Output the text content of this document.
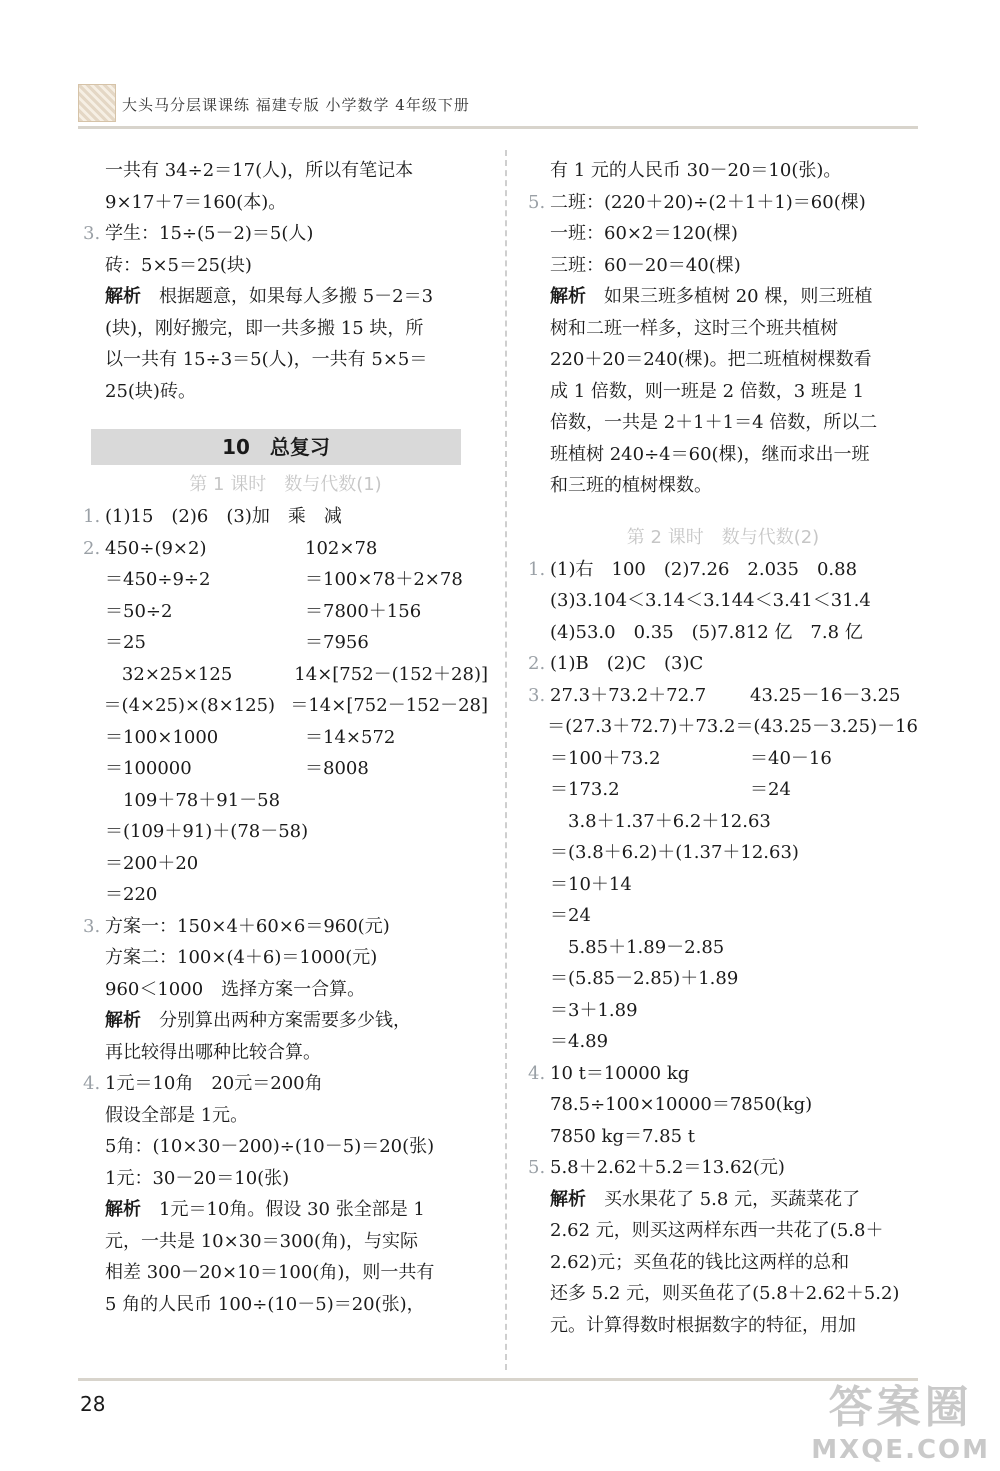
大头马分层课课练 福建专版 小学数学 4年级下册
一共有 34÷2＝17(人)，所以有笔记本
9×17＋7＝160(本)。
3. 学生：15÷(5－2)＝5(人)
砖：5×5＝25(块)
解析　 根据题意，如果每人多搬 5－2＝3
(块)，刚好搬完，即一共多搬 15 块，所
以一共有 15÷3＝5(人)，一共有 5×5＝
25(块)砖。
10　总复习
第 1 课时　数与代数(1)
1. (1)15　(2)6　(3)加　乘　减
2. 450÷(9×2)	102×78
＝450÷9÷2	＝100×78＋2×78
＝50÷2	＝7800＋156
＝25	＝7956
　32×25×125	14×[752－(152＋28)]
＝(4×25)×(8×125) ＝14×[752－152－28]
＝100×1000	＝14×572
＝100000	＝8008
　109＋78＋91－58
＝(109＋91)＋(78－58)
＝200＋20
＝220
3. 方案一：150×4＋60×6＝960(元)
方案二：100×(4＋6)＝1000(元)
960＜1000　选择方案一合算。
解析　 分别算出两种方案需要多少钱，
再比较得出哪种比较合算。
4. 1元＝10角　20元＝200角
假设全部是 1元。
5角：(10×30－200)÷(10－5)＝20(张)
1元：30－20＝10(张)
解析　 1元＝10角。假设 30 张全部是 1
元，一共是 10×30＝300(角)，与实际
相差 300－20×10＝100(角)，则一共有
5 角的人民币 100÷(10－5)＝20(张)，
有 1 元的人民币 30－20＝10(张)。
5. 二班：(220＋20)÷(2＋1＋1)＝60(棵)
一班：60×2＝120(棵)
三班：60－20＝40(棵)
解析　 如果三班多植树 20 棵，则三班植
树和二班一样多，这时三个班共植树
220＋20＝240(棵)。把二班植树棵数看
成 1 倍数，则一班是 2 倍数，3 班是 1
倍数，一共是 2＋1＋1＝4 倍数，所以二
班植树 240÷4＝60(棵)，继而求出一班
和三班的植树棵数。
第 2 课时　数与代数(2)
1. (1)右　100　(2)7.26　2.035　0.88
(3)3.104＜3.14＜3.144＜3.41＜31.4
(4)53.0　0.35　(5)7.812 亿　7.8 亿
2. (1)B　(2)C　(3)C
3. 27.3＋73.2＋72.7	43.25－16－3.25
＝(27.3＋72.7)＋73.2 ＝(43.25－3.25)－16
＝100＋73.2	＝40－16
＝173.2	＝24
　3.8＋1.37＋6.2＋12.63
＝(3.8＋6.2)＋(1.37＋12.63)
＝10＋14
＝24
　5.85＋1.89－2.85
＝(5.85－2.85)＋1.89
＝3＋1.89
＝4.89
4. 10 t＝10000 kg
78.5÷100×10000＝7850(kg)
7850 kg＝7.85 t
5. 5.8＋2.62＋5.2＝13.62(元)
解析　 买水果花了 5.8 元，买蔬菜花了
2.62 元，则买这两样东西一共花了(5.8＋
2.62)元；买鱼花的钱比这两样的总和
还多 5.2 元，则买鱼花了(5.8＋2.62＋5.2)
元。计算得数时根据数字的特征，用加
28	答案圈
MXQE.COM
